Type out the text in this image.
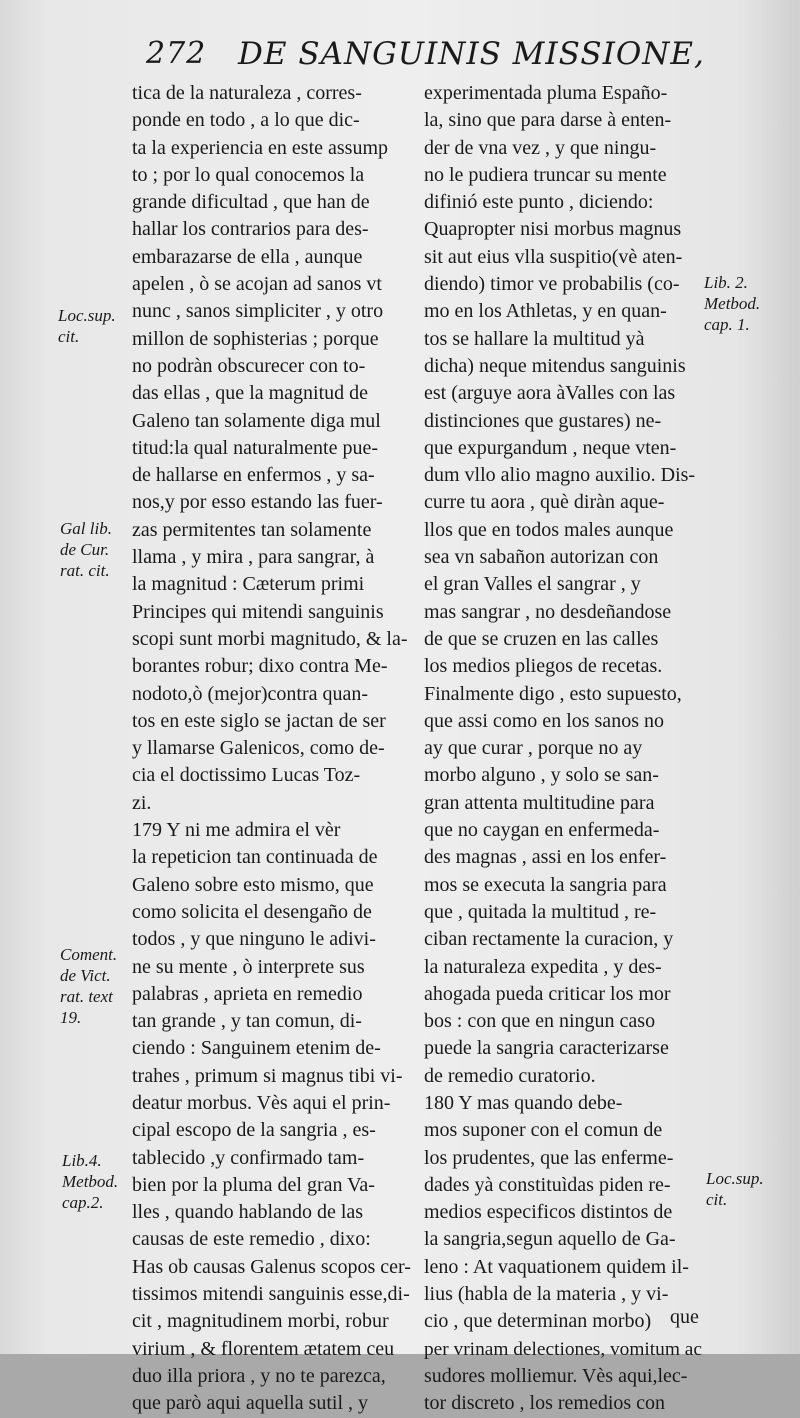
272 DE SANGUINIS MISSIONE,
tica de la naturaleza , corres-
ponde en todo , a lo que dic-
ta la experiencia en este assump
to ; por lo qual conocemos la
grande dificultad , que han de
hallar los contrarios para des-
embarazarse de ella , aunque
apelen , ò se acojan ad sanos vt
nunc , sanos simpliciter , y otro
millon de sophisterias ; porque
no podràn obscurecer con to-
das ellas , que la magnitud de
Galeno tan solamente diga mul
titud:la qual naturalmente pue-
de hallarse en enfermos , y sa-
nos,y por esso estando las fuer-
zas permitentes tan solamente
llama , y mira , para sangrar, à
la magnitud : Cæterum primi
Principes qui mitendi sanguinis
scopi sunt morbi magnitudo, & la-
borantes robur; dixo contra Me-
nodoto,ò (mejor)contra quan-
tos en este siglo se jactan de ser
y llamarse Galenicos, como de-
cia el doctissimo Lucas Toz-
zi.
179 Y ni me admira el vèr
la repeticion tan continuada de
Galeno sobre esto mismo, que
como solicita el desengaño de
todos , y que ninguno le adivi-
ne su mente , ò interprete sus
palabras , aprieta en remedio
tan grande , y tan comun, di-
ciendo : Sanguinem etenim de-
trahes , primum si magnus tibi vi-
deatur morbus. Vès aqui el prin-
cipal escopo de la sangria , es-
tablecido ,y confirmado tam-
bien por la pluma del gran Va-
lles , quando hablando de las
causas de este remedio , dixo:
Has ob causas Galenus scopos cer-
tissimos mitendi sanguinis esse,di-
cit , magnitudinem morbi, robur
virium , & florentem ætatem ceu
duo illa priora , y no te parezca,
que parò aqui aquella sutil , y
experimentada pluma Españo-
la, sino que para darse à enten-
der de vna vez , y que ningu-
no le pudiera truncar su mente
difinió este punto , diciendo:
Quapropter nisi morbus magnus
sit aut eius vlla suspitio(vè aten-
diendo) timor ve probabilis (co-
mo en los Athletas, y en quan-
tos se hallare la multitud yà
dicha) neque mitendus sanguinis
est (arguye aora àValles con las
distinciones que gustares) ne-
que expurgandum , neque vten-
dum vllo alio magno auxilio. Dis-
curre tu aora , què diràn aque-
llos que en todos males aunque
sea vn sabañon autorizan con
el gran Valles el sangrar , y
mas sangrar , no desdeñandose
de que se cruzen en las calles
los medios pliegos de recetas.
Finalmente digo , esto supuesto,
que assi como en los sanos no
ay que curar , porque no ay
morbo alguno , y solo se san-
gran attenta multitudine para
que no caygan en enfermeda-
des magnas , assi en los enfer-
mos se executa la sangria para
que , quitada la multitud , re-
ciban rectamente la curacion, y
la naturaleza expedita , y des-
ahogada pueda criticar los mor
bos : con que en ningun caso
puede la sangria caracterizarse
de remedio curatorio.
180 Y mas quando debe-
mos suponer con el comun de
los prudentes, que las enferme-
dades yà constituìdas piden re-
medios especificos distintos de
la sangria,segun aquello de Ga-
leno : At vaquationem quidem il-
lius (habla de la materia , y vi-
cio , que determinan morbo)
per vrinam delectiones, vomitum ac
sudores molliemur. Vès aqui,lec-
tor discreto , los remedios con
Loc.sup.
cit.
Gal lib.
de Cur.
rat. cit.
Coment.
de Vict.
rat. text
19.
Lib.4.
Metbod.
cap.2.
Lib. 2.
Metbod.
cap. 1.
Loc.sup.
cit.
que
